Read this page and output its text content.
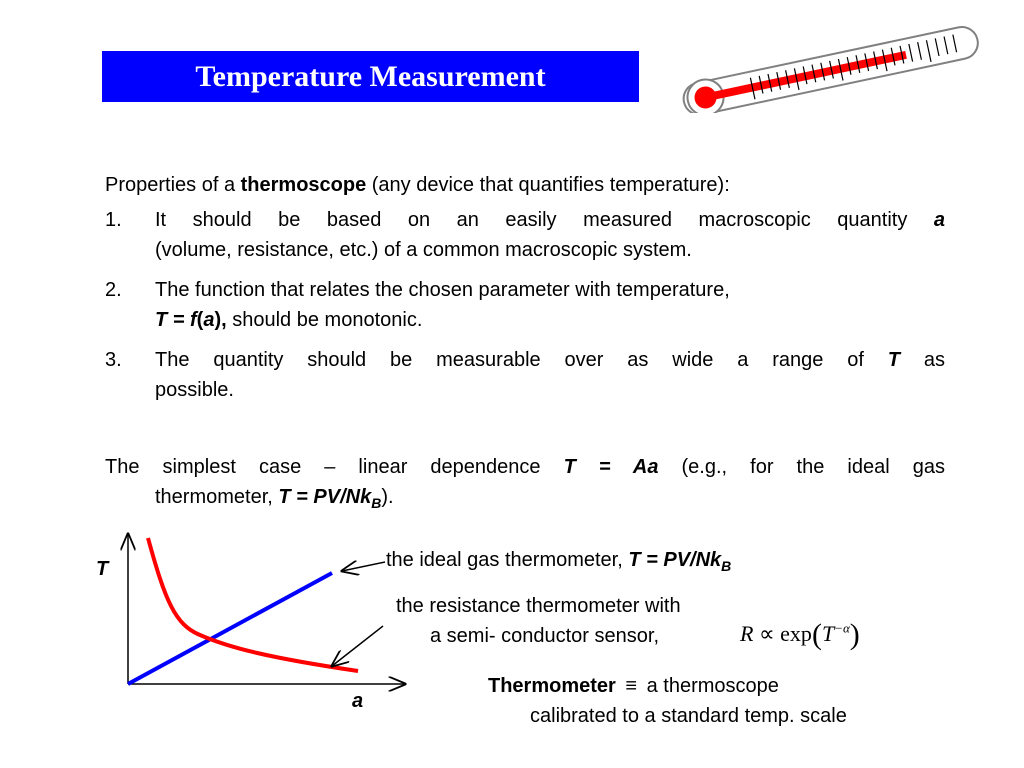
Temperature Measurement
Properties of a thermoscope (any device that quantifies temperature):
1. It should be based on an easily measured macroscopic quantity a
(volume, resistance, etc.) of a common macroscopic system.
2. The function that relates the chosen parameter with temperature,
T = f(a), should be monotonic.
3. The quantity should be measurable over as wide a range of T as
possible.
The simplest case – linear dependence T = Aa (e.g., for the ideal gas
thermometer, $T = PV/Nk_B$).
T
a
the ideal gas thermometer, $T = PV/Nk_B$
the resistance thermometer with
a semi- conductor sensor,	$R \propto \exp(T^{-\alpha})$
Thermometer ≡ a thermoscope
calibrated to a standard temp. scale
